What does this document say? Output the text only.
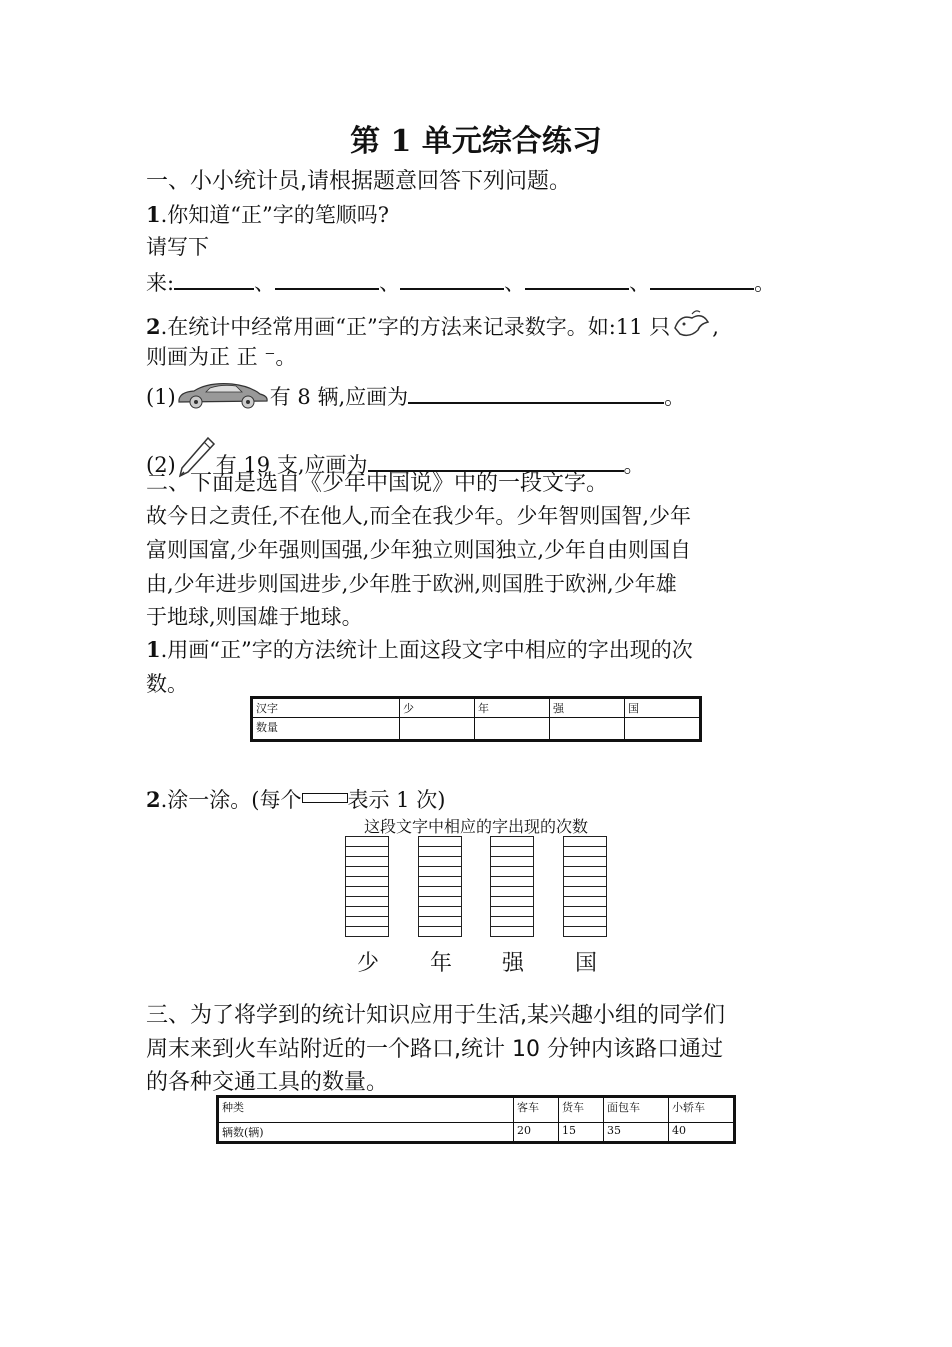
第 1 单元综合练习
一、小小统计员,请根据题意回答下列问题。
1.你知道“正”字的笔顺吗?
请写下
来:	、	、	、	、	。
2.在统计中经常用画“正”字的方法来记录数字。如:11 只 ,
则画为正 正 ⁻。
(1)	有 8 辆,应画为	。
(2) 有 19 支,应画为	。
二、下面是选自《少年中国说》中的一段文字。
故今日之责任,不在他人,而全在我少年。少年智则国智,少年
富则国富,少年强则国强,少年独立则国独立,少年自由则国自
由,少年进步则国进步,少年胜于欧洲,则国胜于欧洲,少年雄
于地球,则国雄于地球。
1.用画“正”字的方法统计上面这段文字中相应的字出现的次
数。
汉字	少	年	强	国
数量				
2.涂一涂。(每个 表示 1 次)
这段文字中相应的字出现的次数
少 年 强 国
三、为了将学到的统计知识应用于生活,某兴趣小组的同学们
周末来到火车站附近的一个路口,统计 10 分钟内该路口通过
的各种交通工具的数量。
种类	客车	货车	面包车	小轿车
辆数(辆)	20	15	35	40
